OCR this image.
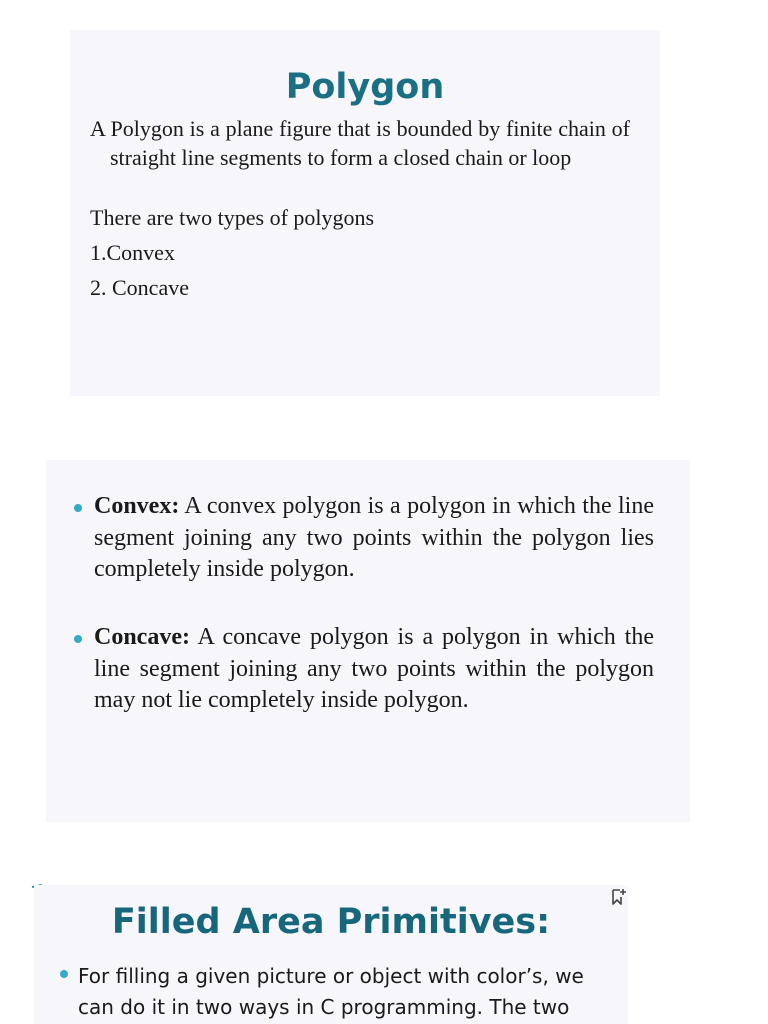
Polygon

A Polygon is a plane figure that is bounded by finite chain of straight line segments to form a closed chain or loop

There are two types of polygons

1.Convex

2. Concave

Convex: A convex polygon is a polygon in which the line segment joining any two points within the polygon lies completely inside polygon.

Concave: A concave polygon is a polygon in which the line segment joining any two points within the polygon may not lie completely inside polygon.

Filled Area Primitives:

For filling a given picture or object with color’s, we can do it in two ways in C programming. The two
